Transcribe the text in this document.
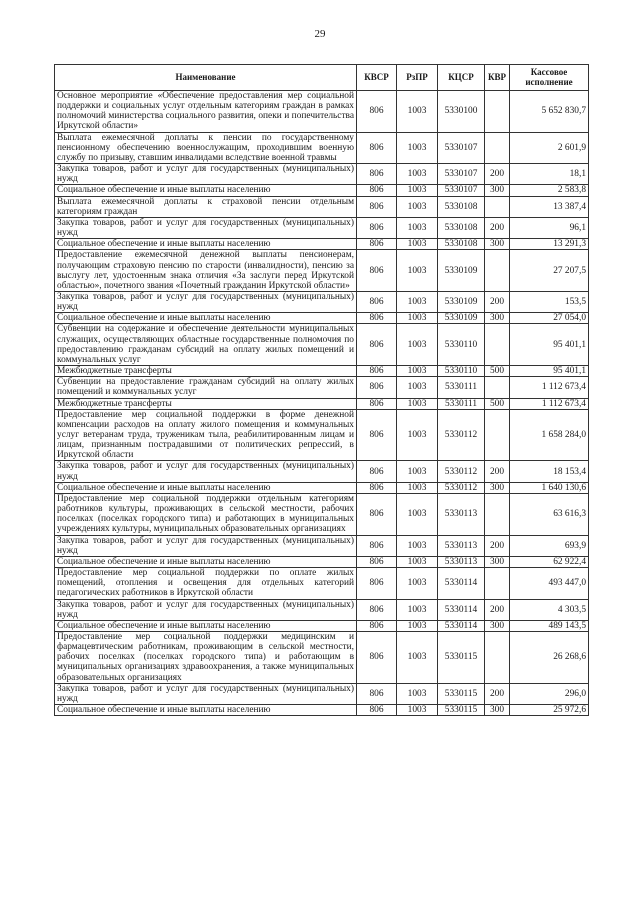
29
Наименование	КВСР	РзПР	КЦСР	КВР	Кассовое исполнение
Основное мероприятие «Обеспечение предоставления мер социальной поддержки и социальных услуг отдельным категориям граждан в рамках полномочий министерства социального развития, опеки и попечительства Иркутской области»	806	1003	5330100		5 652 830,7
Выплата ежемесячной доплаты к пенсии по государственному пенсионному обеспечению военнослужащим, проходившим военную службу по призыву, ставшим инвалидами вследствие военной травмы	806	1003	5330107		2 601,9
Закупка товаров, работ и услуг для государственных (муниципальных) нужд	806	1003	5330107	200	18,1
Социальное обеспечение и иные выплаты населению	806	1003	5330107	300	2 583,8
Выплата ежемесячной доплаты к страховой пенсии отдельным категориям граждан	806	1003	5330108		13 387,4
Закупка товаров, работ и услуг для государственных (муниципальных) нужд	806	1003	5330108	200	96,1
Социальное обеспечение и иные выплаты населению	806	1003	5330108	300	13 291,3
Предоставление ежемесячной денежной выплаты пенсионерам, получающим страховую пенсию по старости (инвалидности), пенсию за выслугу лет, удостоенным знака отличия «За заслуги перед Иркутской областью», почетного звания «Почетный гражданин Иркутской области»	806	1003	5330109		27 207,5
Закупка товаров, работ и услуг для государственных (муниципальных) нужд	806	1003	5330109	200	153,5
Социальное обеспечение и иные выплаты населению	806	1003	5330109	300	27 054,0
Субвенции на содержание и обеспечение деятельности муниципальных служащих, осуществляющих областные государственные полномочия по предоставлению гражданам субсидий на оплату жилых помещений и коммунальных услуг	806	1003	5330110		95 401,1
Межбюджетные трансферты	806	1003	5330110	500	95 401,1
Субвенции на предоставление гражданам субсидий на оплату жилых помещений и коммунальных услуг	806	1003	5330111		1 112 673,4
Межбюджетные трансферты	806	1003	5330111	500	1 112 673,4
Предоставление мер социальной поддержки в форме денежной компенсации расходов на оплату жилого помещения и коммунальных услуг ветеранам труда, труженикам тыла, реабилитированным лицам и лицам, признанным пострадавшими от политических репрессий, в Иркутской области	806	1003	5330112		1 658 284,0
Закупка товаров, работ и услуг для государственных (муниципальных) нужд	806	1003	5330112	200	18 153,4
Социальное обеспечение и иные выплаты населению	806	1003	5330112	300	1 640 130,6
Предоставление мер социальной поддержки отдельным категориям работников культуры, проживающих в сельской местности, рабочих поселках (поселках городского типа) и работающих в муниципальных учреждениях культуры, муниципальных образовательных организациях	806	1003	5330113		63 616,3
Закупка товаров, работ и услуг для государственных (муниципальных) нужд	806	1003	5330113	200	693,9
Социальное обеспечение и иные выплаты населению	806	1003	5330113	300	62 922,4
Предоставление мер социальной поддержки по оплате жилых помещений, отопления и освещения для отдельных категорий педагогических работников в Иркутской области	806	1003	5330114		493 447,0
Закупка товаров, работ и услуг для государственных (муниципальных) нужд	806	1003	5330114	200	4 303,5
Социальное обеспечение и иные выплаты населению	806	1003	5330114	300	489 143,5
Предоставление мер социальной поддержки медицинским и фармацевтическим работникам, проживающим в сельской местности, рабочих поселках (поселках городского типа) и работающим в муниципальных организациях здравоохранения, а также муниципальных образовательных организациях	806	1003	5330115		26 268,6
Закупка товаров, работ и услуг для государственных (муниципальных) нужд	806	1003	5330115	200	296,0
Социальное обеспечение и иные выплаты населению	806	1003	5330115	300	25 972,6
